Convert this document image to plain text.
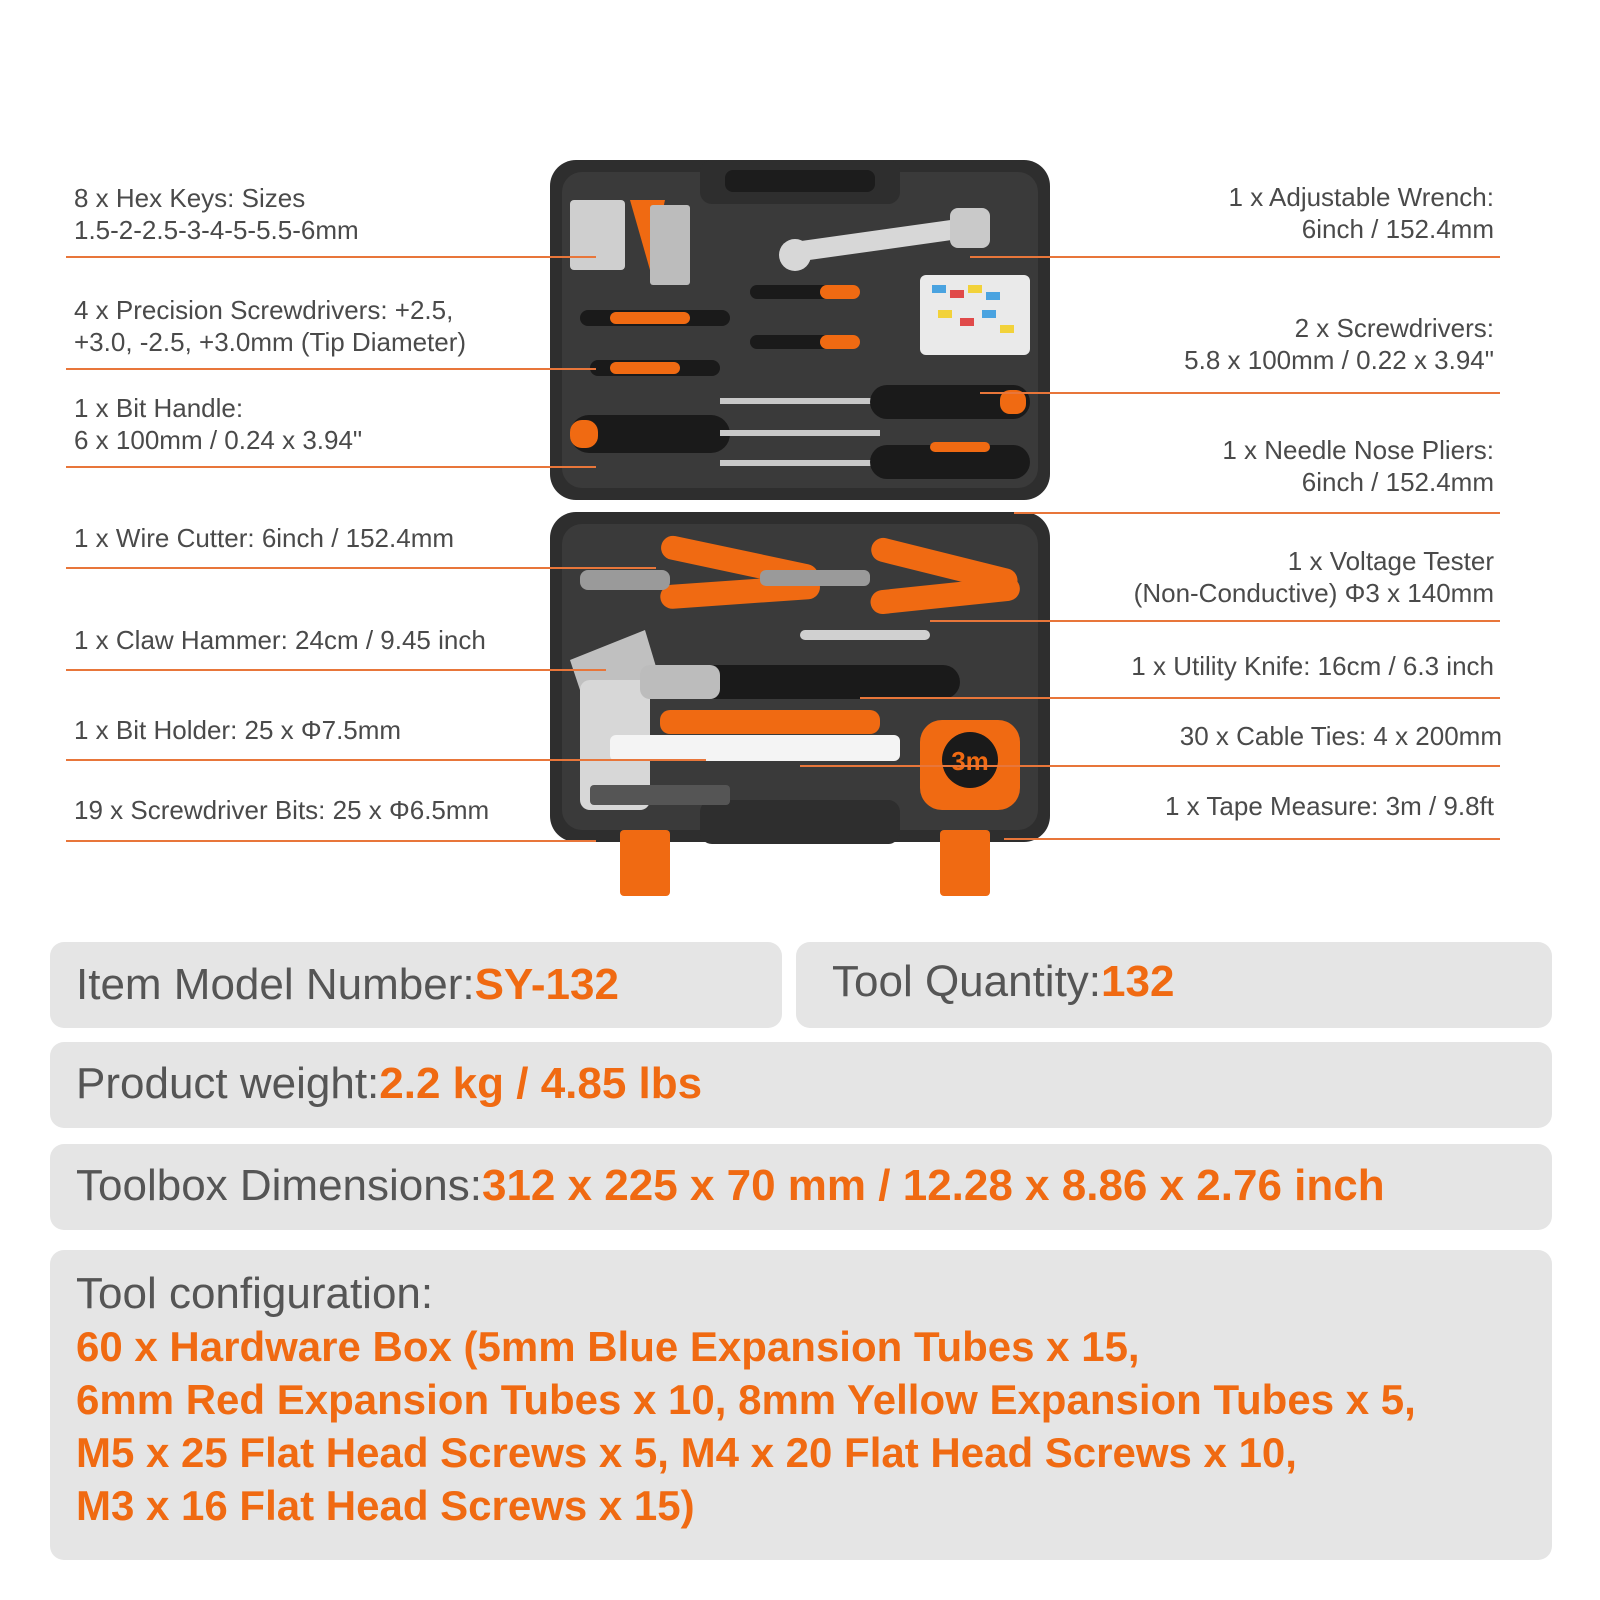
3m
8 x Hex Keys: Sizes
1.5-2-2.5-3-4-5-5.5-6mm
4 x Precision Screwdrivers: +2.5,
+3.0, -2.5, +3.0mm (Tip Diameter)
1 x Bit Handle:
6 x 100mm / 0.24 x 3.94"
1 x Wire Cutter: 6inch / 152.4mm
1 x Claw Hammer: 24cm / 9.45 inch
1 x Bit Holder: 25 x Φ7.5mm
19 x Screwdriver Bits: 25 x Φ6.5mm
1 x Adjustable Wrench:
6inch / 152.4mm
2 x Screwdrivers:
5.8 x 100mm / 0.22 x 3.94"
1 x Needle Nose Pliers:
6inch / 152.4mm
1 x Voltage Tester
(Non-Conductive) Φ3 x 140mm
1 x Utility Knife: 16cm / 6.3 inch
30 x Cable Ties: 4 x 200mm
1 x Tape Measure: 3m / 9.8ft
Item Model Number:SY-132	Tool Quantity:132
Product weight:2.2 kg / 4.85 lbs
Toolbox Dimensions:312 x 225 x 70 mm / 12.28 x 8.86 x 2.76 inch
Tool configuration:
60 x Hardware Box (5mm Blue Expansion Tubes x 15,
6mm Red Expansion Tubes x 10, 8mm Yellow Expansion Tubes x 5,
M5 x 25 Flat Head Screws x 5, M4 x 20 Flat Head Screws x 10,
M3 x 16 Flat Head Screws x 15)
